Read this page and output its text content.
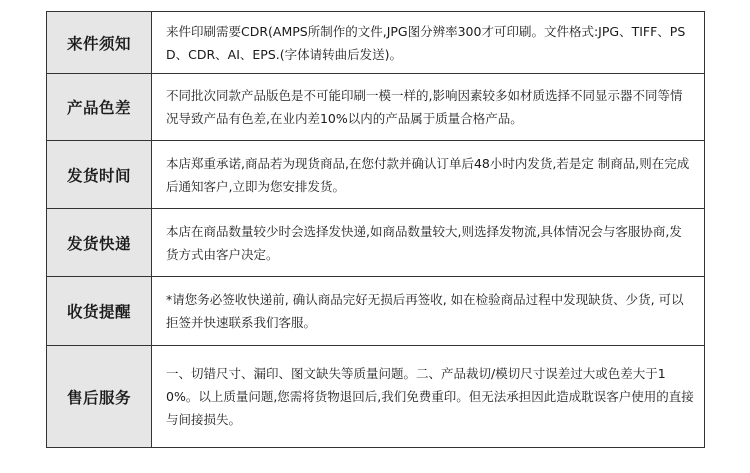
来件须知	来件印刷需要CDR(AMPS所制作的文件,JPG图分辨率300才可印刷。文件格式:JPG、TIFF、PSD、CDR、AI、EPS.(字体请转曲后发送)。

产品色差	不同批次同款产品版色是不可能印刷一模一样的,影响因素较多如材质选择不同显示器不同等情况导致产品有色差,在业内差10%以内的产品属于质量合格产品。

发货时间	本店郑重承诺,商品若为现货商品,在您付款并确认订单后48小时内发货,若是定 制商品,则在完成后通知客户,立即为您安排发货。

发货快递	本店在商品数量较少时会选择发快递,如商品数量较大,则选择发物流,具体情况会与客服协商,发货方式由客户决定。

收货提醒	*请您务必签收快递前, 确认商品完好无损后再签收, 如在检验商品过程中发现缺货、少货, 可以拒签并快速联系我们客服。

售后服务	一、切错尺寸、漏印、图文缺失等质量问题。二、产品裁切/模切尺寸误差过大或色差大于10%。以上质量问题,您需将货物退回后,我们免费重印。但无法承担因此造成耽误客户使用的直接与间接损失。
